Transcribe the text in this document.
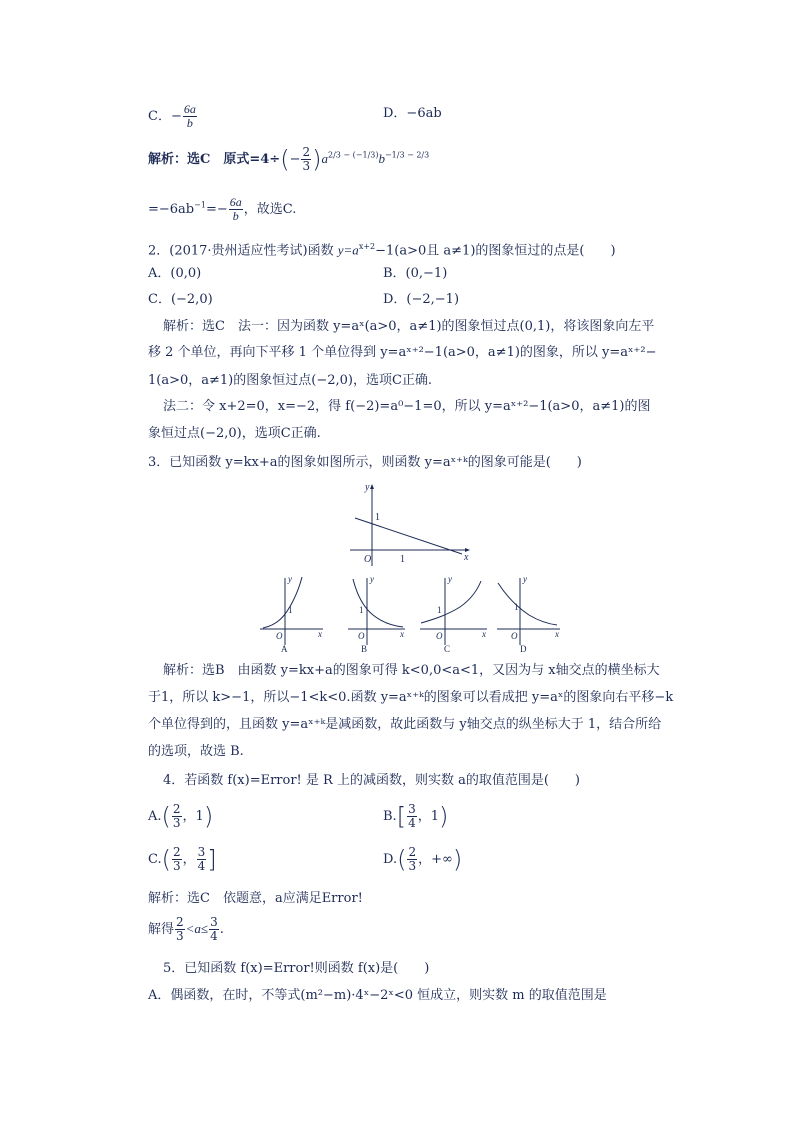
C．− $\frac{6a}{b}$	D．−6ab
解析：选C　原式$=4\div(- \frac{2}{3} )a^{2/3 - (-1/3)}b^{-1/3 - 2/3}$
$=-6ab^{-1}=- \frac{6a}{b}$ ，故选C.
2．(2017·贵州适应性考试)函数 $y=a^{x+2}-1(a>0$且 a≠1)的图象恒过的点是(　　)
A．(0,0)	B．(0,−1)
C．(−2,0)	D．(−2,−1)
解析：选C　法一：因为函数 y=aˣ(a>0，a≠1)的图象恒过点(0,1)，将该图象向左平
移 2 个单位，再向下平移 1 个单位得到 y=aˣ⁺²−1(a>0，a≠1)的图象，所以 y=aˣ⁺²−
1(a>0，a≠1)的图象恒过点(−2,0)，选项C正确.
法二：令 x+2=0，x=−2，得 f(−2)=a⁰−1=0，所以 y=aˣ⁺²−1(a>0，a≠1)的图
象恒过点(−2,0)，选项C正确.
3．已知函数 y=kx+a的图象如图所示，则函数 y=aˣ⁺ᵏ的图象可能是(　　)
y
x
O
1
1
y
x
O
1
A
y
x
O
1
B
y
x
O
1
C
y
x
O
1
D
解析：选B　由函数 y=kx+a的图象可得 k<0,0<a<1，又因为与 x轴交点的横坐标大
于1，所以 k>−1，所以−1<k<0.函数 y=aˣ⁺ᵏ的图象可以看成把 y=aˣ的图象向右平移−k
个单位得到的，且函数 y=aˣ⁺ᵏ是减函数，故此函数与 y轴交点的纵坐标大于 1，结合所给
的选项，故选 B.
4．若函数 f(x)=Error! 是 R 上的减函数，则实数 a的取值范围是(　　)
$A.( \frac{2}{3}$ ，1)	$B.[ \frac{3}{4}$ ，1)
$C.( \frac{2}{3}$ ， $\frac{3}{4}$ ]	$D.( \frac{2}{3}$ ，+∞)
解析：选C　依题意，a应满足Error!
解得 $\frac{2}{3} <a\le \frac{3}{4}$ .
5．已知函数 f(x)=Error!则函数 f(x)是(　　)
A．偶函数，在时，不等式(m²−m)·4ˣ−2ˣ<0 恒成立，则实数 m 的取值范围是
